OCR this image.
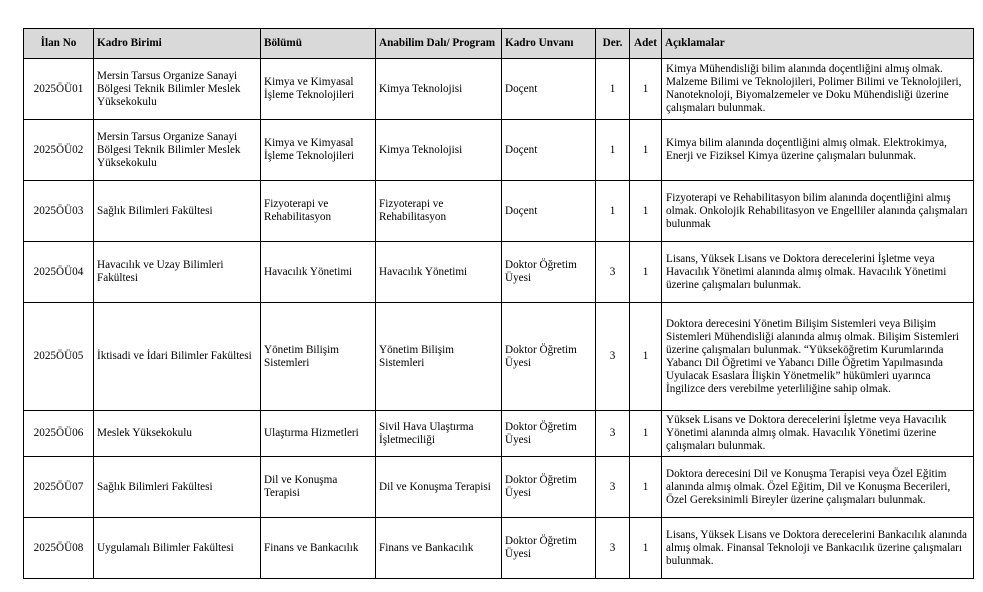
İlan No	Kadro Birimi	Bölümü	Anabilim Dalı/ Program	Kadro Unvanı	Der.	Adet	Açıklamalar
2025ÖÜ01	Mersin Tarsus Organize Sanayi Bölgesi Teknik Bilimler Meslek Yüksekokulu	Kimya ve Kimyasal İşleme Teknolojileri	Kimya Teknolojisi	Doçent	1	1	Kimya Mühendisliği bilim alanında doçentliğini almış olmak. Malzeme Bilimi ve Teknolojileri, Polimer Bilimi ve Teknolojileri, Nanoteknoloji, Biyomalzemeler ve Doku Mühendisliği üzerine çalışmaları bulunmak.
2025ÖÜ02	Mersin Tarsus Organize Sanayi Bölgesi Teknik Bilimler Meslek Yüksekokulu	Kimya ve Kimyasal İşleme Teknolojileri	Kimya Teknolojisi	Doçent	1	1	Kimya bilim alanında doçentliğini almış olmak. Elektrokimya, Enerji ve Fiziksel Kimya üzerine çalışmaları bulunmak.
2025ÖÜ03	Sağlık Bilimleri Fakültesi	Fizyoterapi ve Rehabilitasyon	Fizyoterapi ve Rehabilitasyon	Doçent	1	1	Fizyoterapi ve Rehabilitasyon bilim alanında doçentliğini almış olmak. Onkolojik Rehabilitasyon ve Engelliler alanında çalışmaları bulunmak
2025ÖÜ04	Havacılık ve Uzay Bilimleri Fakültesi	Havacılık Yönetimi	Havacılık Yönetimi	Doktor Öğretim Üyesi	3	1	Lisans, Yüksek Lisans ve Doktora derecelerini İşletme veya Havacılık Yönetimi alanında almış olmak. Havacılık Yönetimi üzerine çalışmaları bulunmak.
2025ÖÜ05	İktisadi ve İdari Bilimler Fakültesi	Yönetim Bilişim Sistemleri	Yönetim Bilişim Sistemleri	Doktor Öğretim Üyesi	3	1	Doktora derecesini Yönetim Bilişim Sistemleri veya Bilişim Sistemleri Mühendisliği alanında almış olmak. Bilişim Sistemleri üzerine çalışmaları bulunmak. “Yükseköğretim Kurumlarında Yabancı Dil Öğretimi ve Yabancı Dille Öğretim Yapılmasında Uyulacak Esaslara İlişkin Yönetmelik” hükümleri uyarınca İngilizce ders verebilme yeterliliğine sahip olmak.
2025ÖÜ06	Meslek Yüksekokulu	Ulaştırma Hizmetleri	Sivil Hava Ulaştırma İşletmeciliği	Doktor Öğretim Üyesi	3	1	Yüksek Lisans ve Doktora derecelerini İşletme veya Havacılık Yönetimi alanında almış olmak. Havacılık Yönetimi üzerine çalışmaları bulunmak.
2025ÖÜ07	Sağlık Bilimleri Fakültesi	Dil ve Konuşma Terapisi	Dil ve Konuşma Terapisi	Doktor Öğretim Üyesi	3	1	Doktora derecesini Dil ve Konuşma Terapisi veya Özel Eğitim alanında almış olmak. Özel Eğitim, Dil ve Konuşma Becerileri, Özel Gereksinimli Bireyler üzerine çalışmaları bulunmak.
2025ÖÜ08	Uygulamalı Bilimler Fakültesi	Finans ve Bankacılık	Finans ve Bankacılık	Doktor Öğretim Üyesi	3	1	Lisans, Yüksek Lisans ve Doktora derecelerini Bankacılık alanında almış olmak. Finansal Teknoloji ve Bankacılık üzerine çalışmaları bulunmak.
